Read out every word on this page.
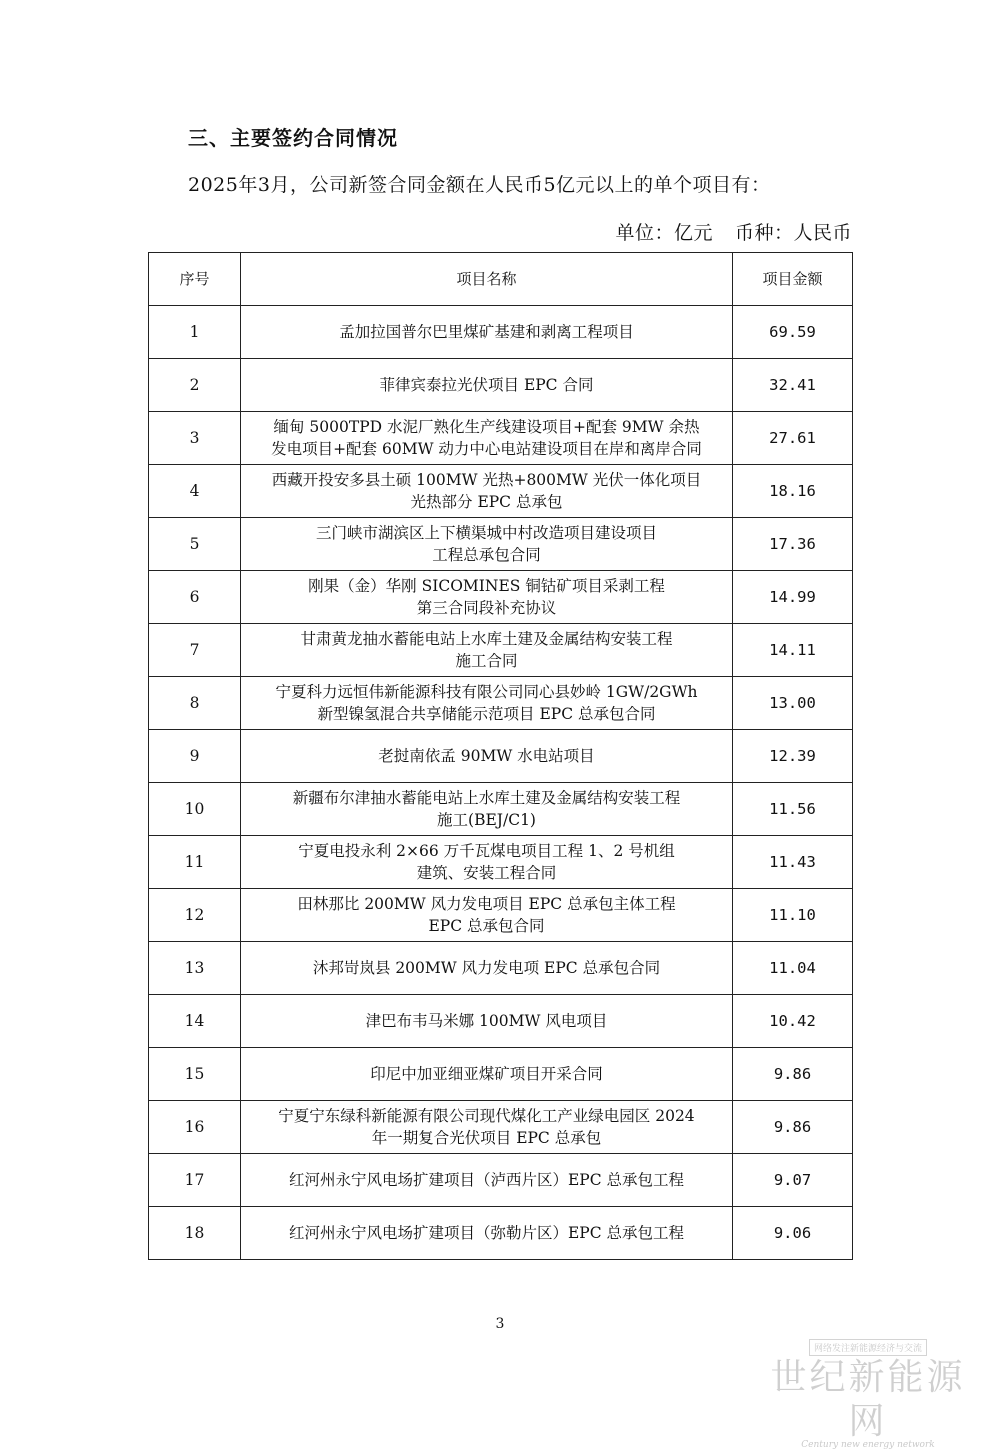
三、主要签约合同情况
2025年3月，公司新签合同金额在人民币5亿元以上的单个项目有：
单位：亿元 币种：人民币
序号	项目名称	项目金额
1	孟加拉国普尔巴里煤矿基建和剥离工程项目	69.59
2	菲律宾泰拉光伏项目 EPC 合同	32.41
3	缅甸 5000TPD 水泥厂熟化生产线建设项目+配套 9MW 余热
发电项目+配套 60MW 动力中心电站建设项目在岸和离岸合同	27.61
4	西藏开投安多县土硕 100MW 光热+800MW 光伏一体化项目
光热部分 EPC 总承包	18.16
5	三门峡市湖滨区上下横渠城中村改造项目建设项目
工程总承包合同	17.36
6	刚果（金）华刚 SICOMINES 铜钴矿项目采剥工程
第三合同段补充协议	14.99
7	甘肃黄龙抽水蓄能电站上水库土建及金属结构安装工程
施工合同	14.11
8	宁夏科力远恒伟新能源科技有限公司同心县妙岭 1GW/2GWh
新型镍氢混合共享储能示范项目 EPC 总承包合同	13.00
9	老挝南依孟 90MW 水电站项目	12.39
10	新疆布尔津抽水蓄能电站上水库土建及金属结构安装工程
施工(BEJ/C1)	11.56
11	宁夏电投永利 2×66 万千瓦煤电项目工程 1、2 号机组
建筑、安装工程合同	11.43
12	田林那比 200MW 风力发电项目 EPC 总承包主体工程
EPC 总承包合同	11.10
13	沐邦岢岚县 200MW 风力发电项 EPC 总承包合同	11.04
14	津巴布韦马米娜 100MW 风电项目	10.42
15	印尼中加亚细亚煤矿项目开采合同	9.86
16	宁夏宁东绿科新能源有限公司现代煤化工产业绿电园区 2024
年一期复合光伏项目 EPC 总承包	9.86
17	红河州永宁风电场扩建项目（泸西片区）EPC 总承包工程	9.07
18	红河州永宁风电场扩建项目（弥勒片区）EPC 总承包工程	9.06
3
网络发注新能源经济与交流
世纪新能源网
Century new energy network
